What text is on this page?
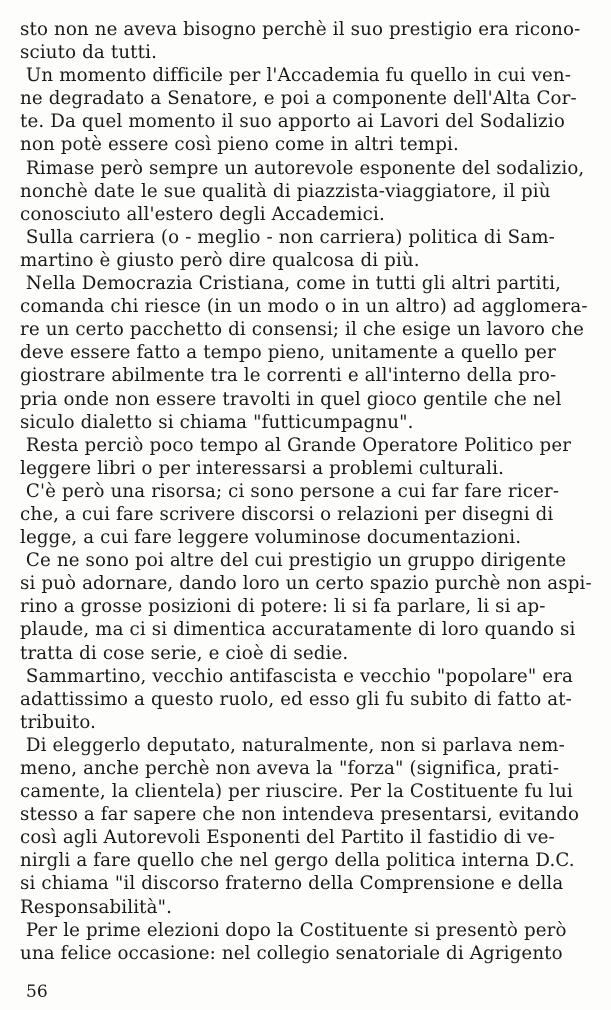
sto non ne aveva bisogno perchè il suo prestigio era ricono-
sciuto da tutti.
Un momento difficile per l'Accademia fu quello in cui ven-
ne degradato a Senatore, e poi a componente dell'Alta Cor-
te. Da quel momento il suo apporto ai Lavori del Sodalizio
non potè essere così pieno come in altri tempi.
Rimase però sempre un autorevole esponente del sodalizio,
nonchè date le sue qualità di piazzista-viaggiatore, il più
conosciuto all'estero degli Accademici.
Sulla carriera (o - meglio - non carriera) politica di Sam-
martino è giusto però dire qualcosa di più.
Nella Democrazia Cristiana, come in tutti gli altri partiti,
comanda chi riesce (in un modo o in un altro) ad agglomera-
re un certo pacchetto di consensi; il che esige un lavoro che
deve essere fatto a tempo pieno, unitamente a quello per
giostrare abilmente tra le correnti e all'interno della pro-
pria onde non essere travolti in quel gioco gentile che nel
siculo dialetto si chiama "futticumpagnu".
Resta perciò poco tempo al Grande Operatore Politico per
leggere libri o per interessarsi a problemi culturali.
C'è però una risorsa; ci sono persone a cui far fare ricer-
che, a cui fare scrivere discorsi o relazioni per disegni di
legge, a cui fare leggere voluminose documentazioni.
Ce ne sono poi altre del cui prestigio un gruppo dirigente
si può adornare, dando loro un certo spazio purchè non aspi-
rino a grosse posizioni di potere: li si fa parlare, li si ap-
plaude, ma ci si dimentica accuratamente di loro quando si
tratta di cose serie, e cioè di sedie.
Sammartino, vecchio antifascista e vecchio "popolare" era
adattissimo a questo ruolo, ed esso gli fu subito di fatto at-
tribuito.
Di eleggerlo deputato, naturalmente, non si parlava nem-
meno, anche perchè non aveva la "forza" (significa, prati-
camente, la clientela) per riuscire. Per la Costituente fu lui
stesso a far sapere che non intendeva presentarsi, evitando
così agli Autorevoli Esponenti del Partito il fastidio di ve-
nirgli a fare quello che nel gergo della politica interna D.C.
si chiama "il discorso fraterno della Comprensione e della
Responsabilità".
Per le prime elezioni dopo la Costituente si presentò però
una felice occasione: nel collegio senatoriale di Agrigento
56
